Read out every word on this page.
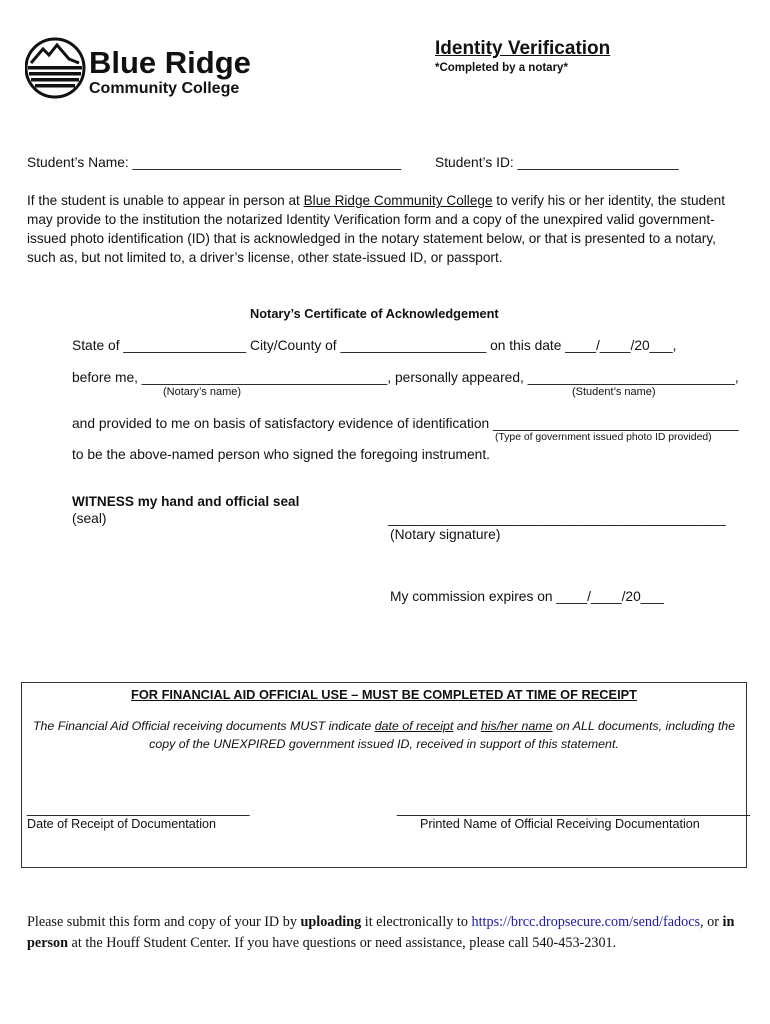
Blue Ridge
Community College
Identity Verification
*Completed by a notary*
Student’s Name: ___________________________________ Student’s ID: _____________________
If the student is unable to appear in person at Blue Ridge Community College to verify his or her identity, the student may provide to the institution the notarized Identity Verification form and a copy of the unexpired valid government-issued photo identification (ID) that is acknowledged in the notary statement below, or that is presented to a notary, such as, but not limited to, a driver’s license, other state-issued ID, or passport.
Notary’s Certificate of Acknowledgement
State of ________________ City/County of ___________________ on this date ____/____/20___,
before me, ________________________________, personally appeared, ___________________________,
(Notary’s name)	(Student’s name)
and provided to me on basis of satisfactory evidence of identification ________________________________
(Type of government issued photo ID provided)
to be the above-named person who signed the foregoing instrument.
WITNESS my hand and official seal
(seal)	____________________________________________
(Notary signature)
My commission expires on ____/____/20___
FOR FINANCIAL AID OFFICIAL USE – MUST BE COMPLETED AT TIME OF RECEIPT
The Financial Aid Official receiving documents MUST indicate date of receipt and his/her name on ALL documents, including the copy of the UNEXPIRED government issued ID, received in support of this statement.
_____________________________
Date of Receipt of Documentation
______________________________________________
Printed Name of Official Receiving Documentation
Please submit this form and copy of your ID by uploading it electronically to https://brcc.dropsecure.com/send/fadocs, or in person at the Houff Student Center. If you have questions or need assistance, please call 540-453-2301.
